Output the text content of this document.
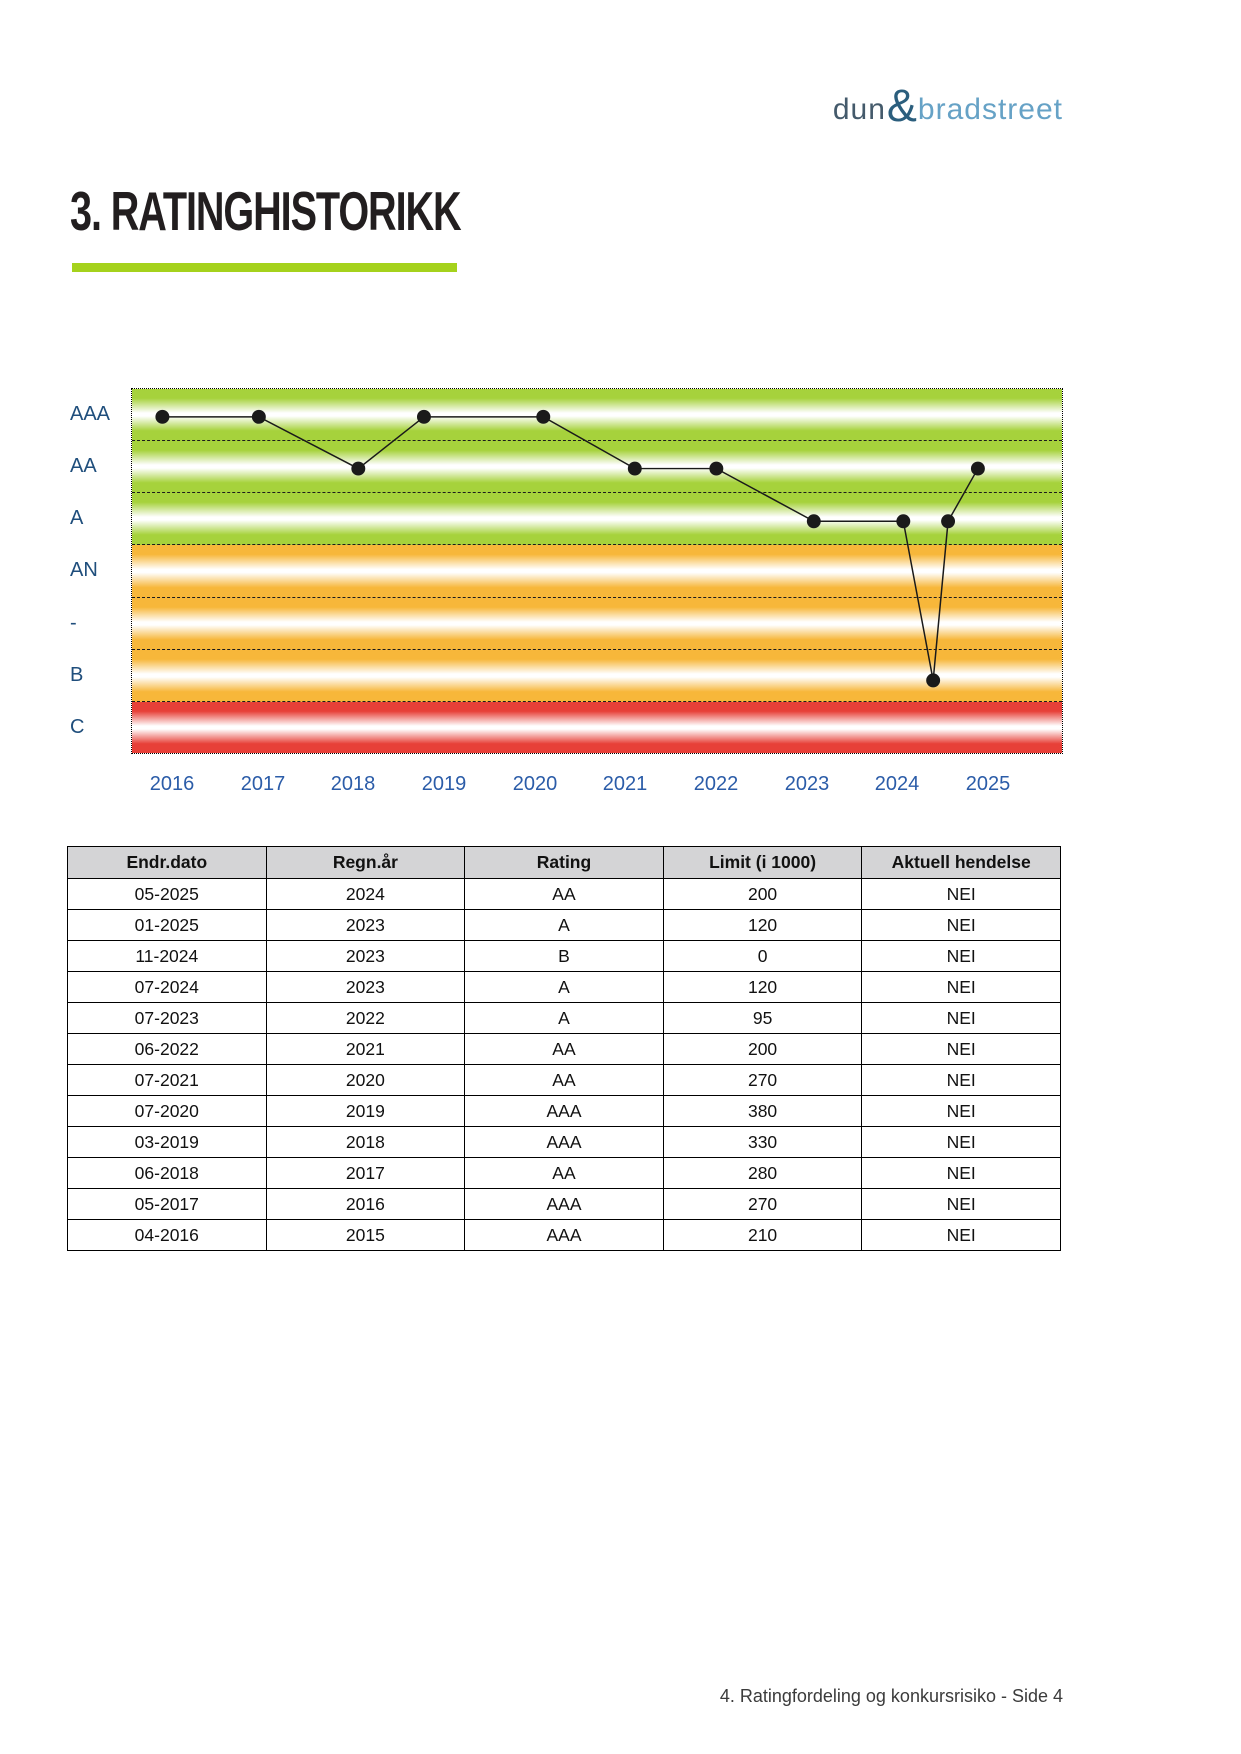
dun & bradstreet
3. RATINGHISTORIKK
AAA
AA
A
AN
-
B
C
2016 2017 2018 2019 2020 2021 2022 2023 2024 2025
Endr.dato	Regn.år	Rating	Limit (i 1000)	Aktuell hendelse
05-2025	2024	AA	200	NEI
01-2025	2023	A	120	NEI
11-2024	2023	B	0	NEI
07-2024	2023	A	120	NEI
07-2023	2022	A	95	NEI
06-2022	2021	AA	200	NEI
07-2021	2020	AA	270	NEI
07-2020	2019	AAA	380	NEI
03-2019	2018	AAA	330	NEI
06-2018	2017	AA	280	NEI
05-2017	2016	AAA	270	NEI
04-2016	2015	AAA	210	NEI
4. Ratingfordeling og konkursrisiko - Side 4
